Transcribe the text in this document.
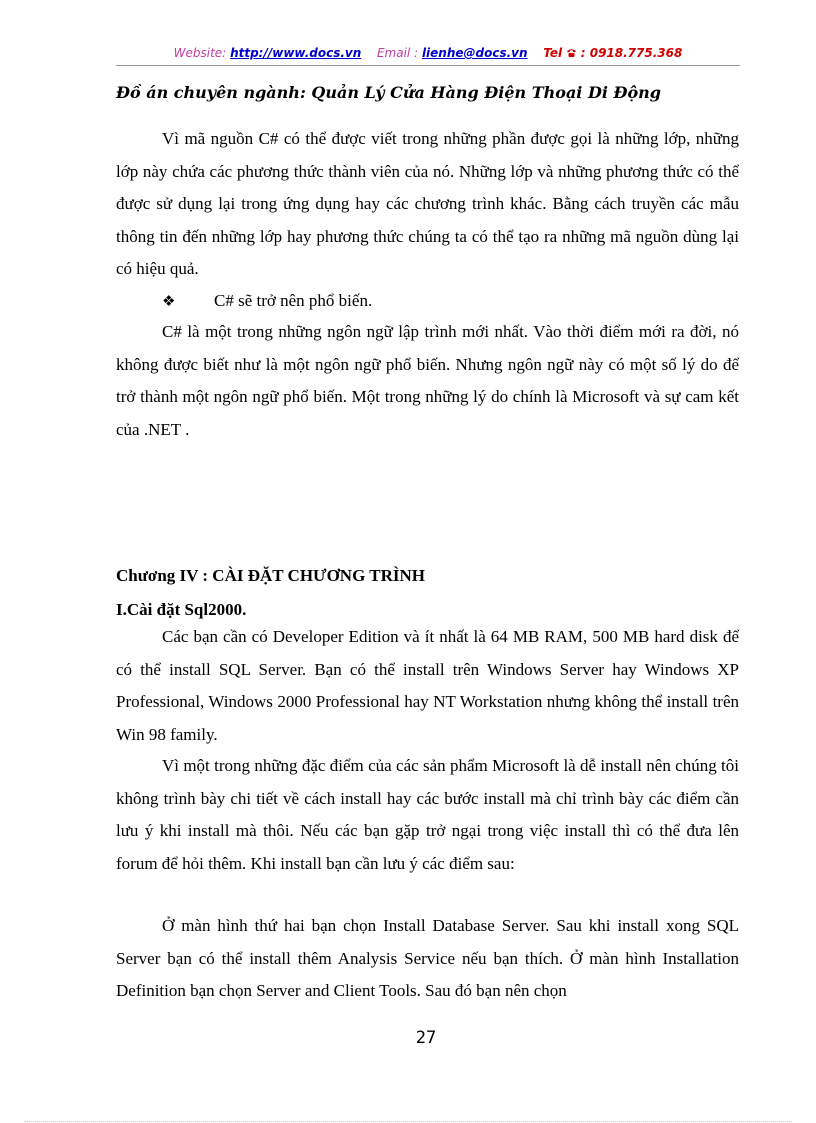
Website: http://www.docs.vn Email : lienhe@docs.vn Tel : 0918.775.368
Đồ án chuyên ngành: Quản Lý Cửa Hàng Điện Thoại Di Động

Vì mã nguồn C# có thể được viết trong những phần được gọi là những lớp, những lớp này chứa các phương thức thành viên của nó. Những lớp và những phương thức có thể được sử dụng lại trong ứng dụng hay các chương trình khác. Bằng cách truyền các mẫu thông tin đến những lớp hay phương thức chúng ta có thể tạo ra những mã nguồn dùng lại có hiệu quả.

❖ C# sẽ trở nên phổ biến.

C# là một trong những ngôn ngữ lập trình mới nhất. Vào thời điểm mới ra đời, nó không được biết như là một ngôn ngữ phổ biến. Nhưng ngôn ngữ này có một số lý do để trở thành một ngôn ngữ phổ biến. Một trong những lý do chính là Microsoft và sự cam kết của .NET .

Chương IV : CÀI ĐẶT CHƯƠNG TRÌNH
I.Cài đặt Sql2000.

Các bạn cần có Developer Edition và ít nhất là 64 MB RAM, 500 MB hard disk để có thể install SQL Server. Bạn có thể install trên Windows Server hay Windows XP Professional, Windows 2000 Professional hay NT Workstation nhưng không thể install trên Win 98 family.

Vì một trong những đặc điểm của các sản phẩm Microsoft là dễ install nên chúng tôi không trình bày chi tiết về cách install hay các bước install mà chỉ trình bày các điểm cần lưu ý khi install mà thôi. Nếu các bạn gặp trở ngại trong việc install thì có thể đưa lên forum để hỏi thêm. Khi install bạn cần lưu ý các điểm sau:

Ở màn hình thứ hai bạn chọn Install Database Server. Sau khi install xong SQL Server bạn có thể install thêm Analysis Service nếu bạn thích. Ở màn hình Installation Definition bạn chọn Server and Client Tools. Sau đó bạn nên chọn

27
